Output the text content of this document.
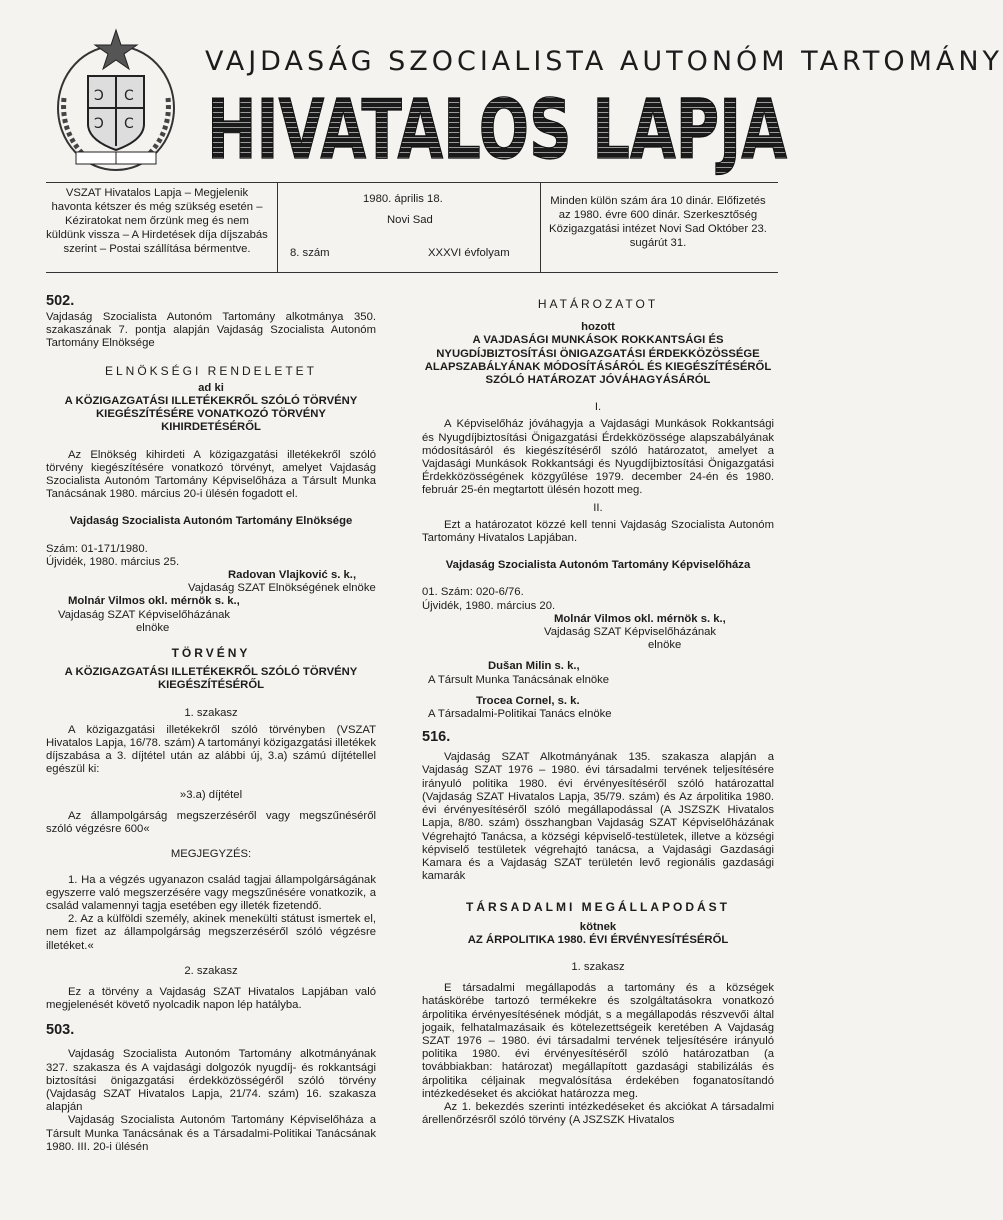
Ɔ C
Ɔ C
VAJDASÁG SZOCIALISTA AUTONÓM TARTOMÁNY
HIVATALOS LAPJA
VSZAT Hivatalos Lapja – Megjelenik havonta kétszer és még szükség esetén – Kéziratokat nem őrzünk meg és nem küldünk vissza – A Hirdetések díja díjszabás szerint – Postai szállítása bérmentve.
1980. április 18.
Novi Sad
8. szám	XXXVI évfolyam
Minden külön szám ára 10 dinár. Előfizetés az 1980. évre 600 dinár. Szerkesztőség Közigazgatási intézet Novi Sad Október 23. sugárút 31.

502.

Vajdaság Szocialista Autonóm Tartomány alkotmánya 350. szakaszának 7. pontja alapján Vajdaság Szocialista Autonóm Tartomány Elnöksége

ELNÖKSÉGI RENDELETET

ad ki

A KÖZIGAZGATÁSI ILLETÉKEKRŐL SZÓLÓ TÖRVÉNY KIEGÉSZÍTÉSÉRE VONATKOZÓ TÖRVÉNY KIHIRDETÉSÉRŐL

Az Elnökség kihirdeti A közigazgatási illetékekről szóló törvény kiegészítésére vonatkozó törvényt, amelyet Vajdaság Szocialista Autonóm Tartomány Képviselőháza a Társult Munka Tanácsának 1980. március 20-i ülésén fogadott el.

Vajdaság Szocialista Autonóm Tartomány Elnöksége

Szám: 01-171/1980.

Újvidék, 1980. március 25.

Radovan Vlajković s. k.,

Vajdaság SZAT Elnökségének elnöke

Molnár Vilmos okl. mérnök s. k.,

Vajdaság SZAT Képviselőházának

elnöke

TÖRVÉNY

A KÖZIGAZGATÁSI ILLETÉKEKRŐL SZÓLÓ TÖRVÉNY KIEGÉSZÍTÉSÉRŐL

1. szakasz

A közigazgatási illetékekről szóló törvényben (VSZAT Hivatalos Lapja, 16/78. szám) A tartományi közigazgatási illetékek díjszabása a 3. díjtétel után az alábbi új, 3.a) számú díjtétellel egészül ki:

»3.a) díjtétel

Az állampolgárság megszerzéséről vagy megszűnéséről szóló végzésre 600«

MEGJEGYZÉS:

1. Ha a végzés ugyanazon család tagjai állampolgárságának egyszerre való megszerzésére vagy megszűnésére vonatkozik, a család valamennyi tagja esetében egy illeték fizetendő.

2. Az a külföldi személy, akinek menekülti státust ismertek el, nem fizet az állampolgárság megszerzéséről szóló végzésre illetéket.«

2. szakasz

Ez a törvény a Vajdaság SZAT Hivatalos Lapjában való megjelenését követő nyolcadik napon lép hatályba.

503.

Vajdaság Szocialista Autonóm Tartomány alkotmányának 327. szakasza és A vajdasági dolgozók nyugdíj- és rokkantsági biztosítási önigazgatási érdekközösségéről szóló törvény (Vajdaság SZAT Hivatalos Lapja, 21/74. szám) 16. szakasza alapján

Vajdaság Szocialista Autonóm Tartomány Képviselőháza a Társult Munka Tanácsának és a Társadalmi-Politikai Tanácsának 1980. III. 20-i ülésén

HATÁROZATOT

hozott

A VAJDASÁGI MUNKÁSOK ROKKANTSÁGI ÉS NYUGDÍJBIZTOSÍTÁSI ÖNIGAZGATÁSI ÉRDEKKÖZÖSSÉGE ALAPSZABÁLYÁNAK MÓDOSÍTÁSÁRÓL ÉS KIEGÉSZÍTÉSÉRŐL SZÓLÓ HATÁROZAT JÓVÁHAGYÁSÁRÓL

I.

A Képviselőház jóváhagyja a Vajdasági Munkások Rokkantsági és Nyugdíjbiztosítási Önigazgatási Érdekközössége alapszabályának módosításáról és kiegészítéséről szóló határozatot, amelyet a Vajdasági Munkások Rokkantsági és Nyugdíjbiztosítási Önigazgatási Érdekközösségének közgyűlése 1979. december 24-én és 1980. február 25-én megtartott ülésén hozott meg.

II.

Ezt a határozatot közzé kell tenni Vajdaság Szocialista Autonóm Tartomány Hivatalos Lapjában.

Vajdaság Szocialista Autonóm Tartomány Képviselőháza

01. Szám: 020-6/76.

Újvidék, 1980. március 20.

Molnár Vilmos okl. mérnök s. k.,

Vajdaság SZAT Képviselőházának

elnöke

Dušan Milin s. k.,

A Társult Munka Tanácsának elnöke

Trocea Cornel, s. k.

A Társadalmi-Politikai Tanács elnöke

516.

Vajdaság SZAT Alkotmányának 135. szakasza alapján a Vajdaság SZAT 1976 – 1980. évi társadalmi tervének teljesítésére irányuló politika 1980. évi érvényesítéséről szóló határozattal (Vajdaság SZAT Hivatalos Lapja, 35/79. szám) és Az árpolitika 1980. évi érvényesítéséről szóló megállapodással (A JSZSZK Hivatalos Lapja, 8/80. szám) összhangban Vajdaság SZAT Képviselőházának Végrehajtó Tanácsa, a községi képviselő-testületek, illetve a községi képviselő testületek végrehajtó tanácsa, a Vajdasági Gazdasági Kamara és a Vajdaság SZAT területén levő regionális gazdasági kamarák

TÁRSADALMI MEGÁLLAPODÁST

kötnek

AZ ÁRPOLITIKA 1980. ÉVI ÉRVÉNYESÍTÉSÉRŐL

1. szakasz

E társadalmi megállapodás a tartomány és a községek hatáskörébe tartozó termékekre és szolgáltatásokra vonatkozó árpolitika érvényesítésének módját, s a megállapodás részvevői által jogaik, felhatalmazásaik és kötelezettségeik keretében A Vajdaság SZAT 1976 – 1980. évi társadalmi tervének teljesítésére irányuló politika 1980. évi érvényesítéséről szóló határozatban (a továbbiakban: határozat) megállapított gazdasági stabilizálás és árpolitika céljainak megvalósítása érdekében foganatosítandó intézkedéseket és akciókat határozza meg.

Az 1. bekezdés szerinti intézkedéseket és akciókat A társadalmi árellenőrzésről szóló törvény (A JSZSZK Hivatalos
